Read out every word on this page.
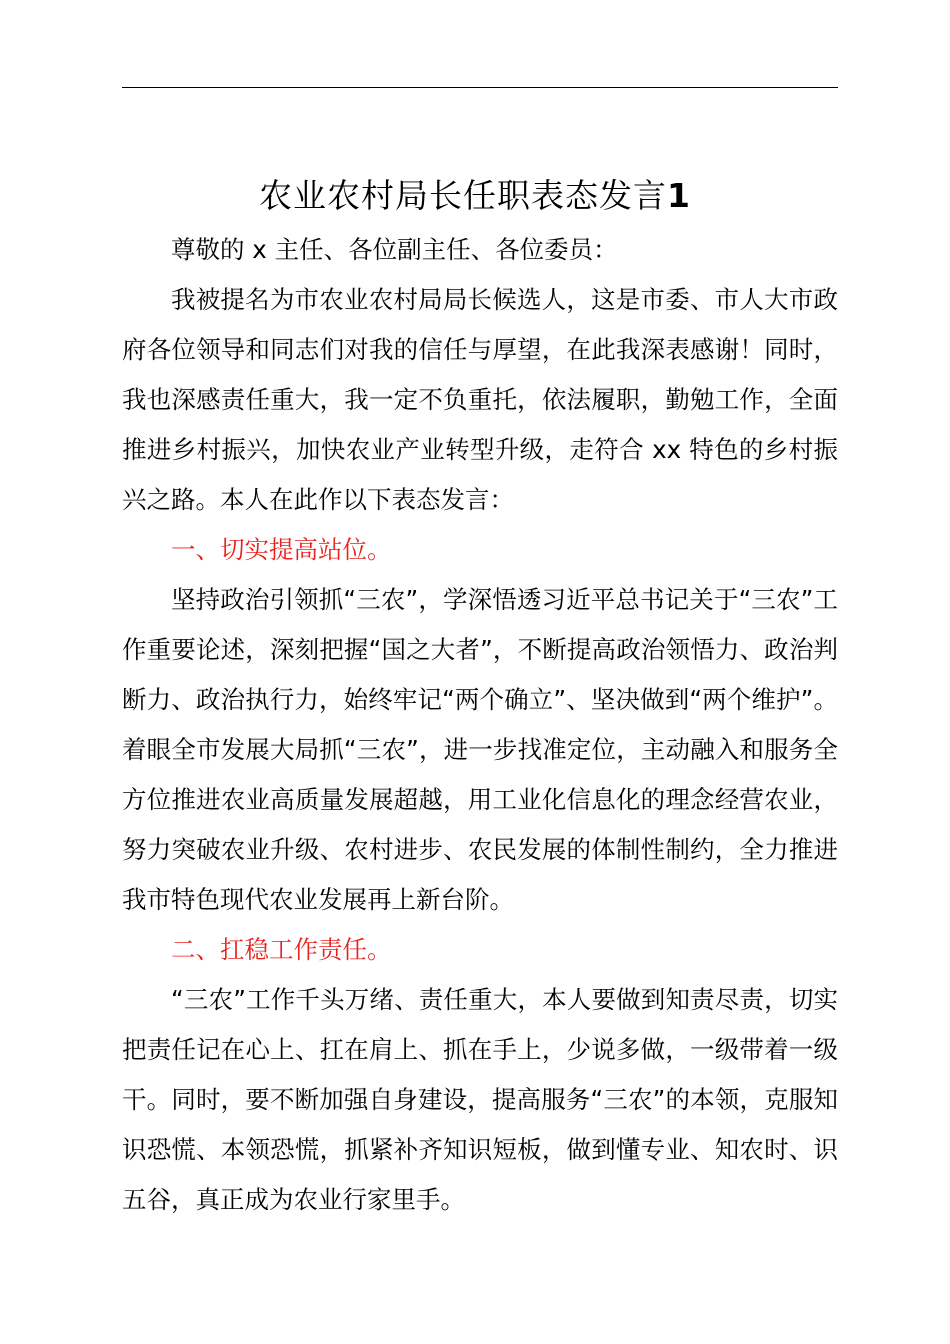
农业农村局长任职表态发言1

尊敬的 x 主任、各位副主任、各位委员：

我被提名为市农业农村局局长候选人，这是市委、市人大市政府各位领导和同志们对我的信任与厚望，在此我深表感谢！同时，我也深感责任重大，我一定不负重托，依法履职，勤勉工作，全面推进乡村振兴，加快农业产业转型升级，走符合 xx 特色的乡村振兴之路。本人在此作以下表态发言：

一、切实提高站位。

坚持政治引领抓“三农”，学深悟透习近平总书记关于“三农”工作重要论述，深刻把握“国之大者”，不断提高政治领悟力、政治判断力、政治执行力，始终牢记“两个确立”、坚决做到“两个维护”。着眼全市发展大局抓“三农”，进一步找准定位，主动融入和服务全方位推进农业高质量发展超越，用工业化信息化的理念经营农业，努力突破农业升级、农村进步、农民发展的体制性制约，全力推进我市特色现代农业发展再上新台阶。

二、扛稳工作责任。

“三农”工作千头万绪、责任重大，本人要做到知责尽责，切实把责任记在心上、扛在肩上、抓在手上，少说多做，一级带着一级干。同时，要不断加强自身建设，提高服务“三农”的本领，克服知识恐慌、本领恐慌，抓紧补齐知识短板，做到懂专业、知农时、识五谷，真正成为农业行家里手。
